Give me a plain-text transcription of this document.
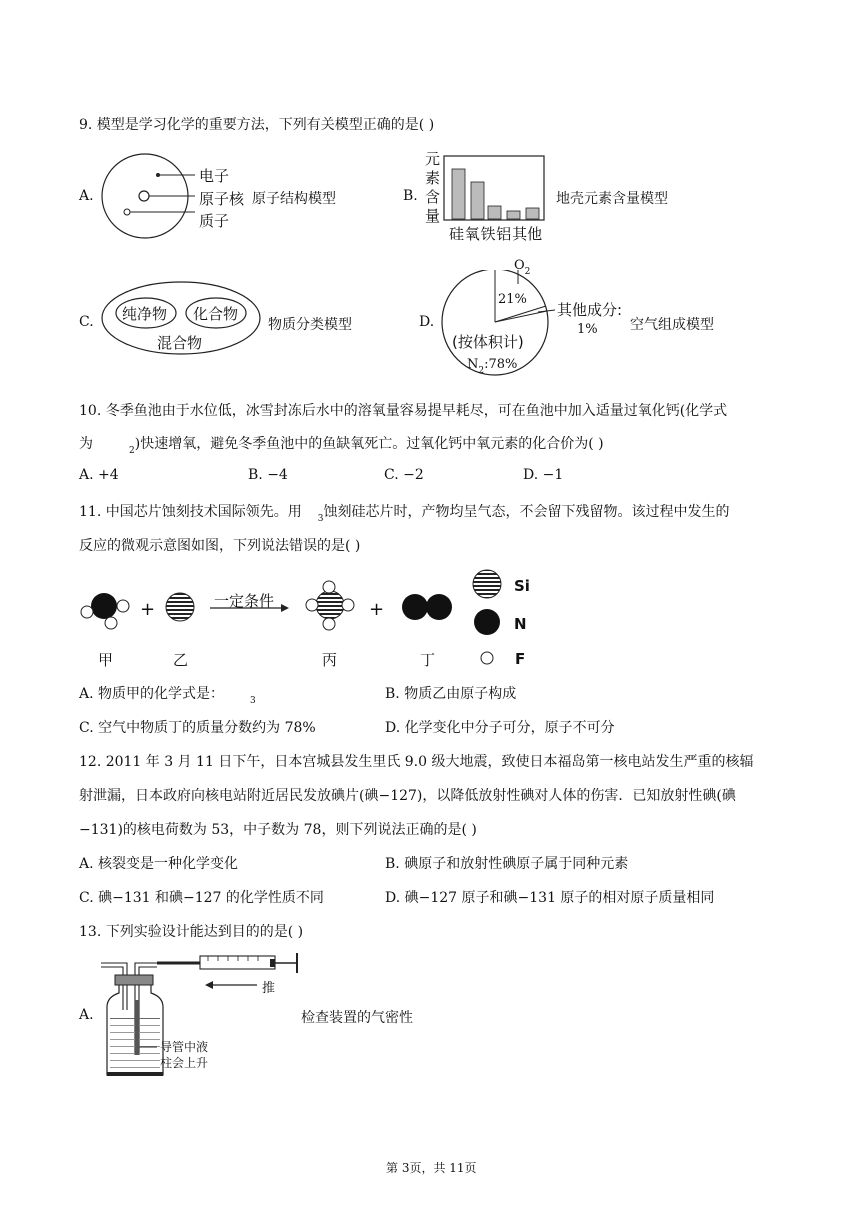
9. 模型是学习化学的重要方法，下列有关模型正确的是( )
A.
电子
原子核
质子
原子结构模型	B.
元
素
含
量
硅 氧 铁 铝 其他
地壳元素含量模型
C. 纯净物 化合物
混合物
物质分类模型	D.
$O_2$
21%
其他成分:
1%
(按体积计)
$N_2:78\%$
空气组成模型
10. 冬季鱼池由于水位低，冰雪封冻后水中的溶氧量容易提早耗尽，可在鱼池中加入适量过氧化钙(化学式
为	$_2$)快速增氧，避免冬季鱼池中的鱼缺氧死亡。过氧化钙中氧元素的化合价为( )
A. +4	B. −4	C. −2	D. −1
11. 中国芯片蚀刻技术国际领先。用 $_3$蚀刻硅芯片时，产物均呈气态，不会留下残留物。该过程中发生的
反应的微观示意图如图，下列说法错误的是( )
+	+
一定条件
甲	乙	丙	丁
Si
N
F
A. 物质甲的化学式是：	$_3$	B. 物质乙由原子构成
C. 空气中物质丁的质量分数约为 78%	D. 化学变化中分子可分，原子不可分
12. 2011 年 3 月 11 日下午，日本宫城县发生里氏 9.0 级大地震，致使日本福岛第一核电站发生严重的核辐
射泄漏，日本政府向核电站附近居民发放碘片(碘−127)，以降低放射性碘对人体的伤害．已知放射性碘(碘
−131)的核电荷数为 53，中子数为 78，则下列说法正确的是( )
A. 核裂变是一种化学变化	B. 碘原子和放射性碘原子属于同种元素
C. 碘−131 和碘−127 的化学性质不同	D. 碘−127 原子和碘−131 原子的相对原子质量相同
13. 下列实验设计能达到目的的是( )
A.
推
导管中液
柱会上升
检查装置的气密性
第 3页，共 11页
